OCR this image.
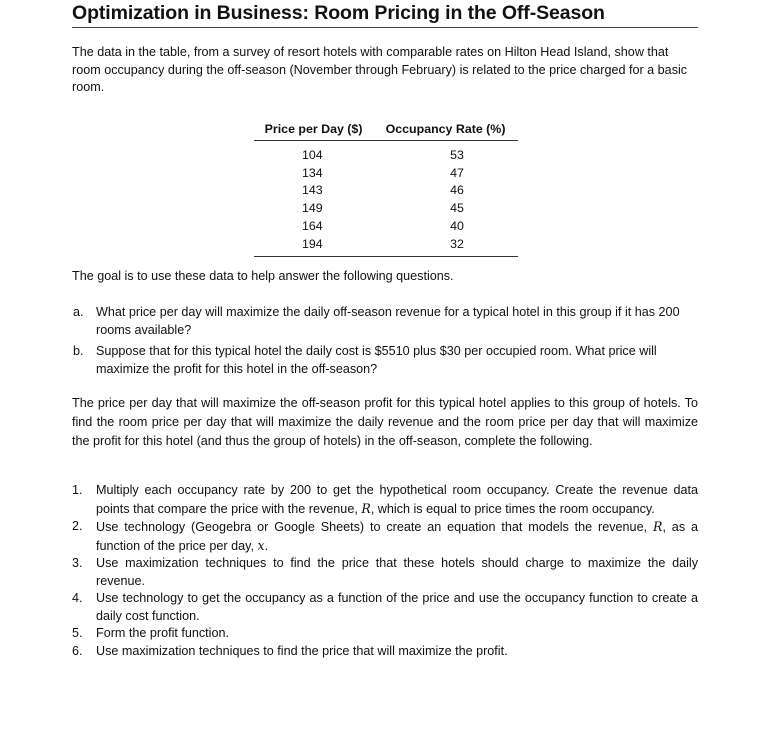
Optimization in Business: Room Pricing in the Off-Season

The data in the table, from a survey of resort hotels with comparable rates on Hilton Head Island, show that room occupancy during the off-season (November through February) is related to the price charged for a basic room.

Price per Day ($)	Occupancy Rate (%)
104	53
134	47
143	46
149	45
164	40
194	32

The goal is to use these data to help answer the following questions.

a. What price per day will maximize the daily off-season revenue for a typical hotel in this group if it has 200 rooms available?
b. Suppose that for this typical hotel the daily cost is $5510 plus $30 per occupied room. What price will maximize the profit for this hotel in the off-season?

The price per day that will maximize the off-season profit for this typical hotel applies to this group of hotels. To find the room price per day that will maximize the daily revenue and the room price per day that will maximize the profit for this hotel (and thus the group of hotels) in the off-season, complete the following.

1. Multiply each occupancy rate by 200 to get the hypothetical room occupancy. Create the revenue data points that compare the price with the revenue, R, which is equal to price times the room occupancy.
2. Use technology (Geogebra or Google Sheets) to create an equation that models the revenue, R, as a function of the price per day, x.
3. Use maximization techniques to find the price that these hotels should charge to maximize the daily revenue.
4. Use technology to get the occupancy as a function of the price and use the occupancy function to create a daily cost function.
5. Form the profit function.
6. Use maximization techniques to find the price that will maximize the profit.
